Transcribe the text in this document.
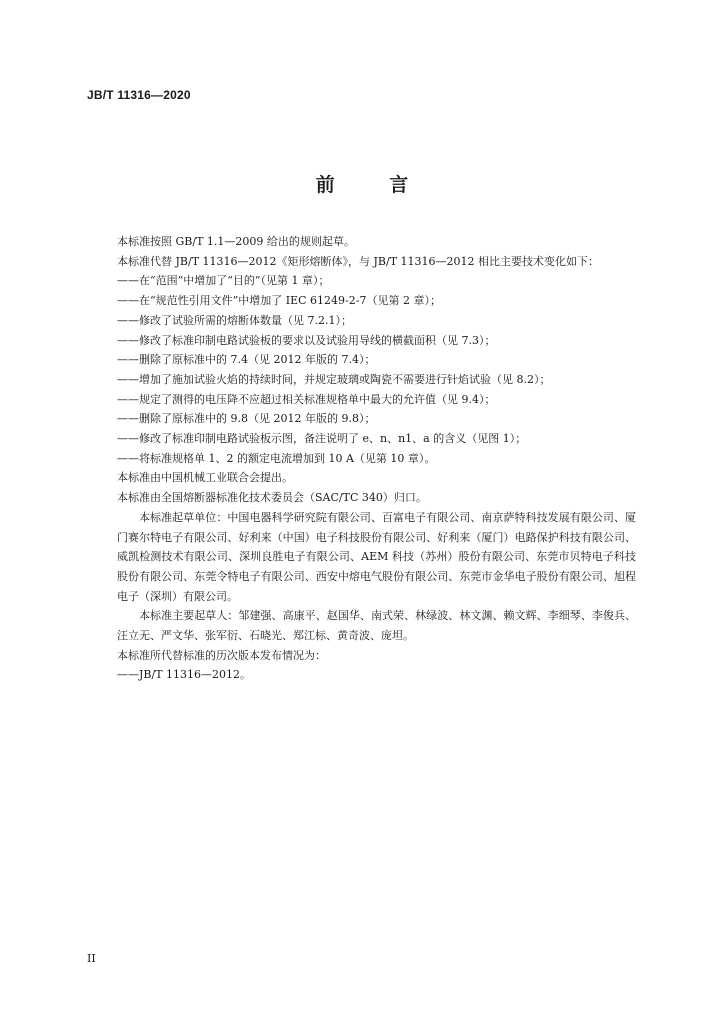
JB/T 11316—2020
前 言

本标准按照 GB/T 1.1—2009 给出的规则起草。

本标准代替 JB/T 11316—2012《矩形熔断体》，与 JB/T 11316—2012 相比主要技术变化如下：

——在“范围”中增加了“目的”（见第 1 章）；

——在“规范性引用文件”中增加了 IEC 61249-2-7（见第 2 章）；

——修改了试验所需的熔断体数量（见 7.2.1）；

——修改了标准印制电路试验板的要求以及试验用导线的横截面积（见 7.3）；

——删除了原标准中的 7.4（见 2012 年版的 7.4）；

——增加了施加试验火焰的持续时间，并规定玻璃或陶瓷不需要进行针焰试验（见 8.2）；

——规定了测得的电压降不应超过相关标准规格单中最大的允许值（见 9.4）；

——删除了原标准中的 9.8（见 2012 年版的 9.8）；

——修改了标准印制电路试验板示图，备注说明了 e、n、n1、a 的含义（见图 1）；

——将标准规格单 1、2 的额定电流增加到 10 A（见第 10 章）。

本标准由中国机械工业联合会提出。

本标准由全国熔断器标准化技术委员会（SAC/TC 340）归口。

本标准起草单位：中国电器科学研究院有限公司、百富电子有限公司、南京萨特科技发展有限公司、厦门赛尔特电子有限公司、好利来（中国）电子科技股份有限公司、好利来（厦门）电路保护科技有限公司、威凯检测技术有限公司、深圳良胜电子有限公司、AEM 科技（苏州）股份有限公司、东莞市贝特电子科技股份有限公司、东莞令特电子有限公司、西安中熔电气股份有限公司、东莞市金华电子股份有限公司、旭程电子（深圳）有限公司。

本标准主要起草人：邹建强、高康平、赵国华、南式荣、林绿波、林文渊、赖文辉、李细琴、李俊兵、汪立无、严文华、张军衍、石晓光、郑江标、黄奇波、庞坦。

本标准所代替标准的历次版本发布情况为：

——JB/T 11316—2012。

II
